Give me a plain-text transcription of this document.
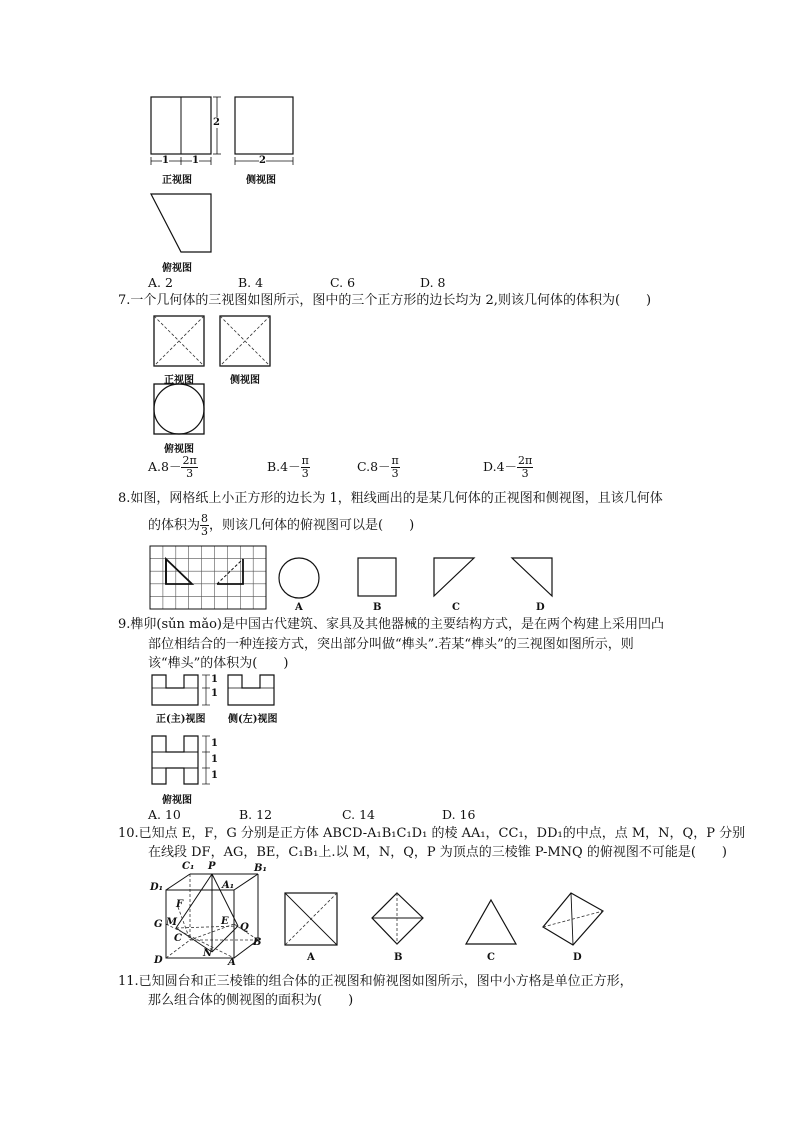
2
1 1	2
正视图	侧视图
俯视图
A. 2	B. 4	C. 6	D. 8
7.一个几何体的三视图如图所示，图中的三个正方形的边长均为 2,则该几何体的体积为(　　)
正视图	侧视图
俯视图
$A.8- \frac{2\pi}{3}$	$B.4- \frac{\pi}{3}$	$C.8- \frac{\pi}{3}$	$D.4- \frac{2\pi}{3}$
8.如图，网格纸上小正方形的边长为 1，粗线画出的是某几何体的正视图和侧视图，且该几何体
的体积为 $\frac{8}{3}$ ，则该几何体的俯视图可以是(　　)
A	B	C	D
9.榫卯(sǔn mǎo)是中国古代建筑、家具及其他器械的主要结构方式，是在两个构建上采用凹凸
部位相结合的一种连接方式，突出部分叫做“榫头”.若某“榫头”的三视图如图所示，则
该“榫头”的体积为(　　)
1
1
正(主)视图 侧(左)视图
1
1
1
俯视图
A. 10	B. 12	C. 14	D. 16
10.已知点 E，F，G 分别是正方体 ABCD-A₁B₁C₁D₁ 的棱 AA₁，CC₁，DD₁的中点，点 M，N，Q，P 分别
在线段 DF，AG，BE，C₁B₁上.以 M，N，Q，P 为顶点的三棱锥 P-MNQ 的俯视图不可能是(　　)
C₁ P	B₁
D₁	A₁
F
E
G M	Q
C	B
N
D	A	A	B	C	D
11.已知圆台和正三棱锥的组合体的正视图和俯视图如图所示，图中小方格是单位正方形，
那么组合体的侧视图的面积为(　　)
